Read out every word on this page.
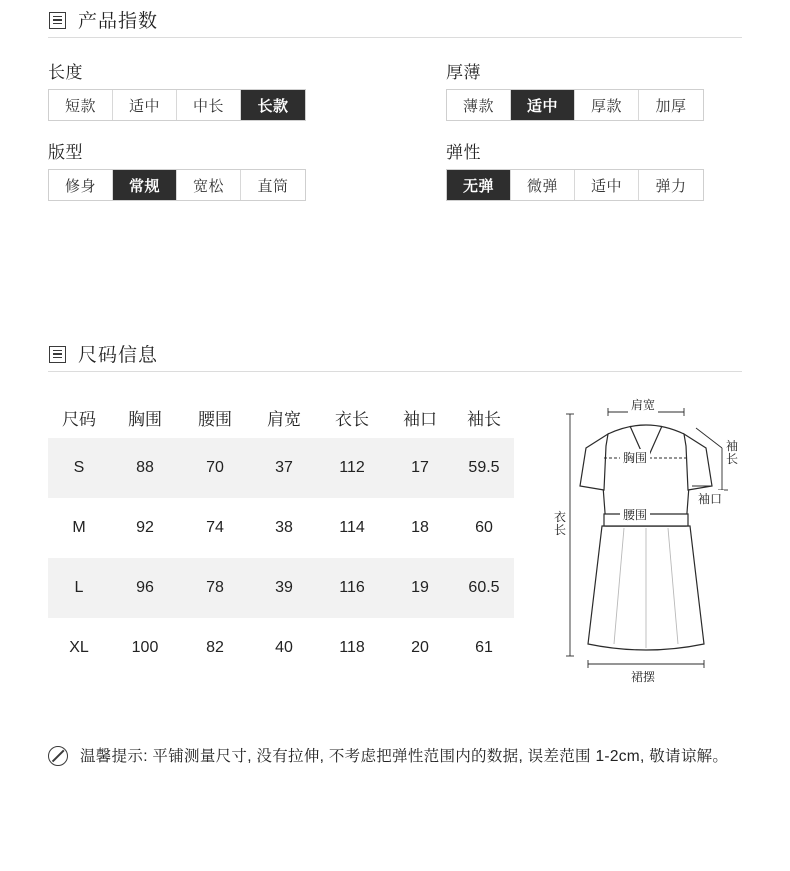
产品指数
长度
短款	适中	中长	长款
厚薄
薄款	适中	厚款	加厚
版型
修身	常规	宽松	直筒
弹性
无弹	微弹	适中	弹力
尺码信息
尺码	胸围	腰围	肩宽	衣长	袖口	袖长
S	88	70	37	112	17	59.5
M	92	74	38	114	18	60
L	96	78	39	116	19	60.5
XL	100	82	40	118	20	61
肩宽
胸围
腰围
袖长
袖口
衣长
裙摆
温馨提示: 平铺测量尺寸, 没有拉伸, 不考虑把弹性范围内的数据, 误差范围 1-2cm, 敬请谅解。
